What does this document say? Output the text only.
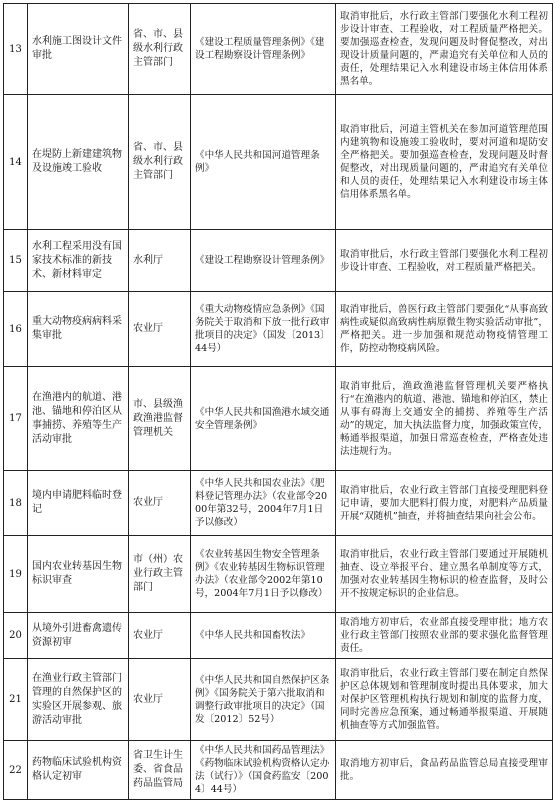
13	水利施工图设计文件审批	省、市、县级水利行政主管部门	《建设工程质量管理条例》《建设工程勘察设计管理条例》	取消审批后，水行政主管部门要强化水利工程初步设计审查、工程验收，对工程质量严格把关。要加强巡查检查，发现问题及时督促整改，对出现设计质量问题的，严肃追究有关单位和人员的责任，处理结果记入水利建设市场主体信用体系黑名单。
14	在堤防上新建建筑物及设施竣工验收	省、市、县级水利行政主管部门	《中华人民共和国河道管理条例》	取消审批后，河道主管机关在参加河道管理范围内建筑物和设施竣工验收时，要对河道和堤防安全严格把关。要加强巡查检查，发现问题及时督促整改，对出现质量问题的，严肃追究有关单位和人员的责任，处理结果记入水利建设市场主体信用体系黑名单。
15	水利工程采用没有国家技术标准的新技术、新材料审定	水利厅	《建设工程勘察设计管理条例》	取消审批后，水行政主管部门要强化水利工程初步设计审查、工程验收，对工程质量严格把关。
16	重大动物疫病病料采集审批	农业厅	《重大动物疫情应急条例》《国务院关于取消和下放一批行政审批项目的决定》（国发〔2013〕44号）	取消审批后，兽医行政主管部门要强化“从事高致病性或疑似高致病性病原微生物实验活动审批”，严格把关。进一步加强和规范动物疫情管理工作，防控动物疫病风险。
17	在渔港内的航道、港池、锚地和停泊区从事捕捞、养殖等生产活动审批	市、县级渔政渔港监督管理机关	《中华人民共和国渔港水域交通安全管理条例》	取消审批后，渔政渔港监督管理机关要严格执行“在渔港内的航道、港池、锚地和停泊区，禁止从事有碍海上交通安全的捕捞、养殖等生产活动”的规定，加大执法监督力度，加强政策宣传，畅通举报渠道，加强日常巡查检查，严格查处违法违规行为。
18	境内申请肥料临时登记	农业厅	《中华人民共和国农业法》《肥料登记管理办法》（农业部令2000年第32号，2004年7月1日予以修改）	取消审批后，农业行政主管部门直接受理肥料登记申请，要加大肥料打假力度，对肥料产品质量开展“双随机”抽查，并将抽查结果向社会公布。
19	国内农业转基因生物标识审查	市（州）农业行政主管部门	《农业转基因生物安全管理条例》《农业转基因生物标识管理办法》（农业部令2002年第10号，2004年7月1日予以修改）	取消审批后，农业行政主管部门要通过开展随机抽查、设立举报平台、建立黑名单制度等方式，加强对农业转基因生物标识的检查监督，及时公开不按规定标识的企业信息。
20	从境外引进畜禽遗传资源初审	农业厅	《中华人民共和国畜牧法》	取消地方初审后，农业部直接受理审批；地方农业行政主管部门按照农业部的要求强化监督管理责任。
21	在渔业行政主管部门管理的自然保护区的实验区开展参观、旅游活动审批	农业厅	《中华人民共和国自然保护区条例》《国务院关于第六批取消和调整行政审批项目的决定》（国发〔2012〕52号）	取消审批后，农业行政主管部门要在制定自然保护区总体规划和管理制度时提出具体要求，加大对保护区管理机构执行规划和制度的监督力度，同时完善应急预案，通过畅通举报渠道、开展随机抽查等方式加强监管。
22	药物临床试验机构资格认定初审	省卫生计生委、省食品药品监管局	《中华人民共和国药品管理法》《药物临床试验机构资格认定办法（试行）》（国食药监安〔2004〕44号）	取消地方初审后，食品药品监管总局直接受理审批。
